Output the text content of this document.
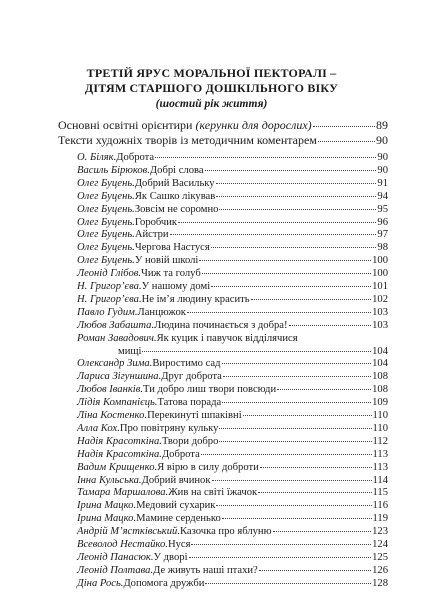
ТРЕТІЙ ЯРУС МОРАЛЬНОЇ ПЕКТОРАЛІ –
ДІТЯМ СТАРШОГО ДОШКІЛЬНОГО ВІКУ
(шостий рік життя)
Основні освітні орієнтири (керунки для дорослих)	89
Тексти художніх творів із методичним коментарем	90
О. Біляк. Доброта	90
Василь Бірюков. Добрі слова	90
Олег Буцень. Добрий Васильку	91
Олег Буцень. Як Сашко лікував	94
Олег Буцень. Зовсім не соромно	95
Олег Буцень. Горобчик	96
Олег Буцень. Айстри	97
Олег Буцень. Чергова Настуся	98
Олег Буцень. У новій школі	100
Леонід Глібов. Чиж та голуб	100
Н. Григор’єва. У нашому домі	101
Н. Григор’єва. Не ім’я людину красить	102
Павло Гудим. Ланцюжок	103
Любов Забашта. Людина починається з добра!	103
Роман Завадович. Як куцик і павучок відділячися
мищі	104
Олександр Зима. Виростимо сад	104
Лариса Зігуншина. Друг доброта	108
Любов Іванків. Ти добро лиш твори повсюди	108
Лідія Компанієць. Татова порада	109
Ліна Костенко. Перекинуті шпаківні	110
Алла Кох. Про повітряну кульку	110
Надія Красоткіна. Твори добро	112
Надія Красоткіна. Доброта	113
Вадим Крищенко. Я вірю в силу доброти	113
Інна Кульська. Добрий вчинок	114
Тамара Маршалова. Жив на світі їжачок	115
Ірина Мацко. Медовий сухарик	116
Ірина Мацко. Мамине серденько	119
Андрій М’ястківський. Казочка про яблуню	123
Всеволод Нестайко. Нуся	124
Леонід Панасюк. У дворі	125
Леонід Полтава. Де живуть наші птахи?	126
Діна Рось. Допомога дружби	128
